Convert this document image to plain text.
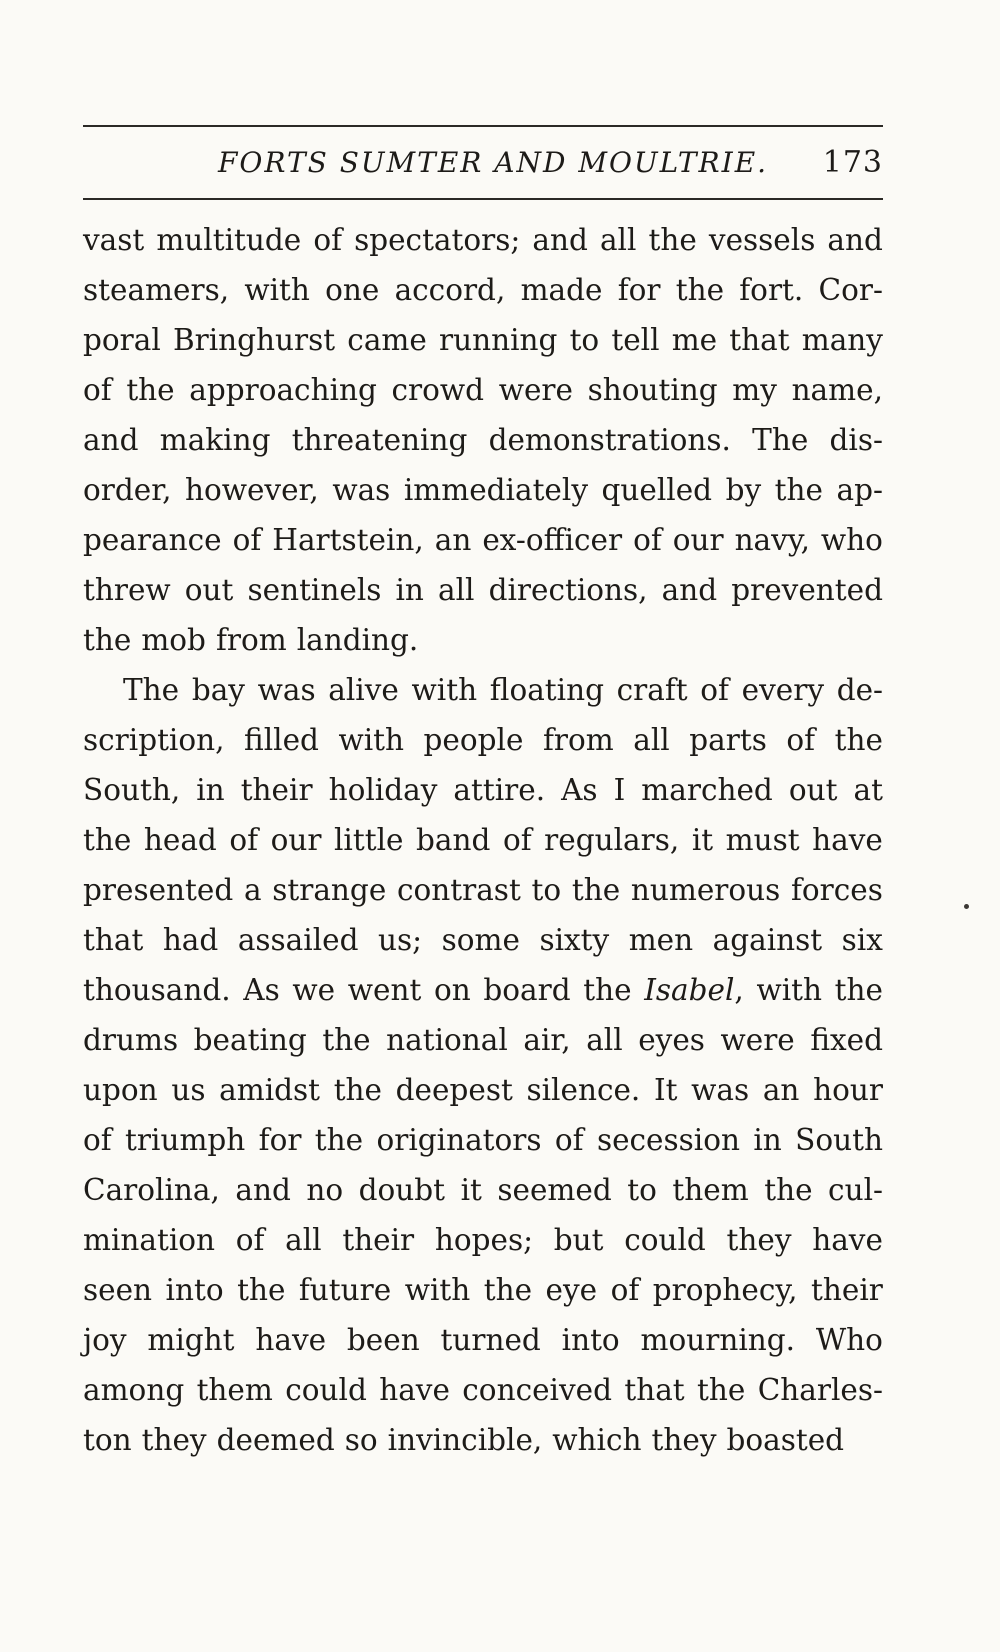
FORTS SUMTER AND MOULTRIE. 173
vast multitude of spectators; and all the vessels and
steamers, with one accord, made for the fort. Cor-
poral Bringhurst came running to tell me that many
of the approaching crowd were shouting my name,
and making threatening demonstrations. The dis-
order, however, was immediately quelled by the ap-
pearance of Hartstein, an ex-officer of our navy, who
threw out sentinels in all directions, and prevented
the mob from landing.
The bay was alive with floating craft of every de-
scription, filled with people from all parts of the
South, in their holiday attire. As I marched out at
the head of our little band of regulars, it must have
presented a strange contrast to the numerous forces
that had assailed us; some sixty men against six
thousand. As we went on board the Isabel, with the
drums beating the national air, all eyes were fixed
upon us amidst the deepest silence. It was an hour
of triumph for the originators of secession in South
Carolina, and no doubt it seemed to them the cul-
mination of all their hopes; but could they have
seen into the future with the eye of prophecy, their
joy might have been turned into mourning. Who
among them could have conceived that the Charles-
ton they deemed so invincible, which they boasted
